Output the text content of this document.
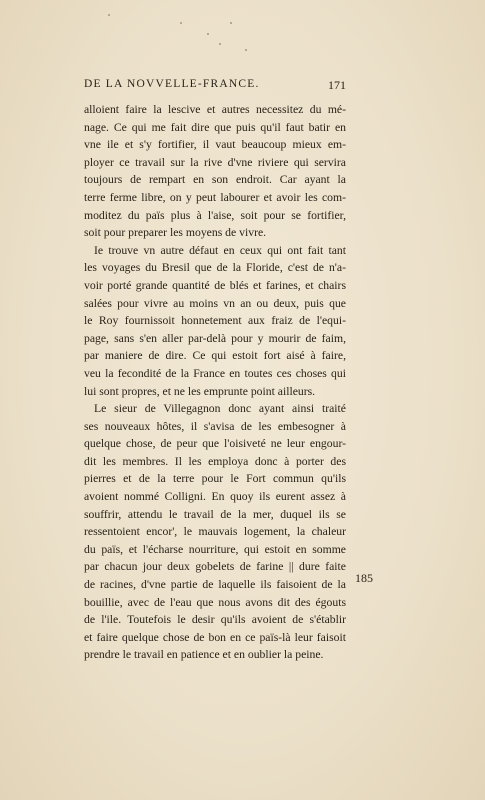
DE LA NOVVELLE-FRANCE.	171
alloient faire la lescive et autres necessitez du mé-
nage. Ce qui me fait dire que puis qu'il faut batir en
vne ile et s'y fortifier, il vaut beaucoup mieux em-
ployer ce travail sur la rive d'vne riviere qui servira
toujours de rempart en son endroit. Car ayant la
terre ferme libre, on y peut labourer et avoir les com-
moditez du païs plus à l'aise, soit pour se fortifier,
soit pour preparer les moyens de vivre.
Ie trouve vn autre défaut en ceux qui ont fait tant
les voyages du Bresil que de la Floride, c'est de n'a-
voir porté grande quantité de blés et farines, et chairs
salées pour vivre au moins vn an ou deux, puis que
le Roy fournissoit honnetement aux fraiz de l'equi-
page, sans s'en aller par-delà pour y mourir de faim,
par maniere de dire. Ce qui estoit fort aisé à faire,
veu la fecondité de la France en toutes ces choses qui
lui sont propres, et ne les emprunte point ailleurs.
Le sieur de Villegagnon donc ayant ainsi traité
ses nouveaux hôtes, il s'avisa de les embesogner à
quelque chose, de peur que l'oisiveté ne leur engour-
dit les membres. Il les employa donc à porter des
pierres et de la terre pour le Fort commun qu'ils
avoient nommé Colligni. En quoy ils eurent assez à
souffrir, attendu le travail de la mer, duquel ils se
ressentoient encor', le mauvais logement, la chaleur
du païs, et l'écharse nourriture, qui estoit en somme
par chacun jour deux gobelets de farine || dure faite
de racines, d'vne partie de laquelle ils faisoient de la
bouillie, avec de l'eau que nous avons dit des égouts
de l'ile. Toutefois le desir qu'ils avoient de s'établir
et faire quelque chose de bon en ce païs-là leur faisoit
prendre le travail en patience et en oublier la peine.
185
